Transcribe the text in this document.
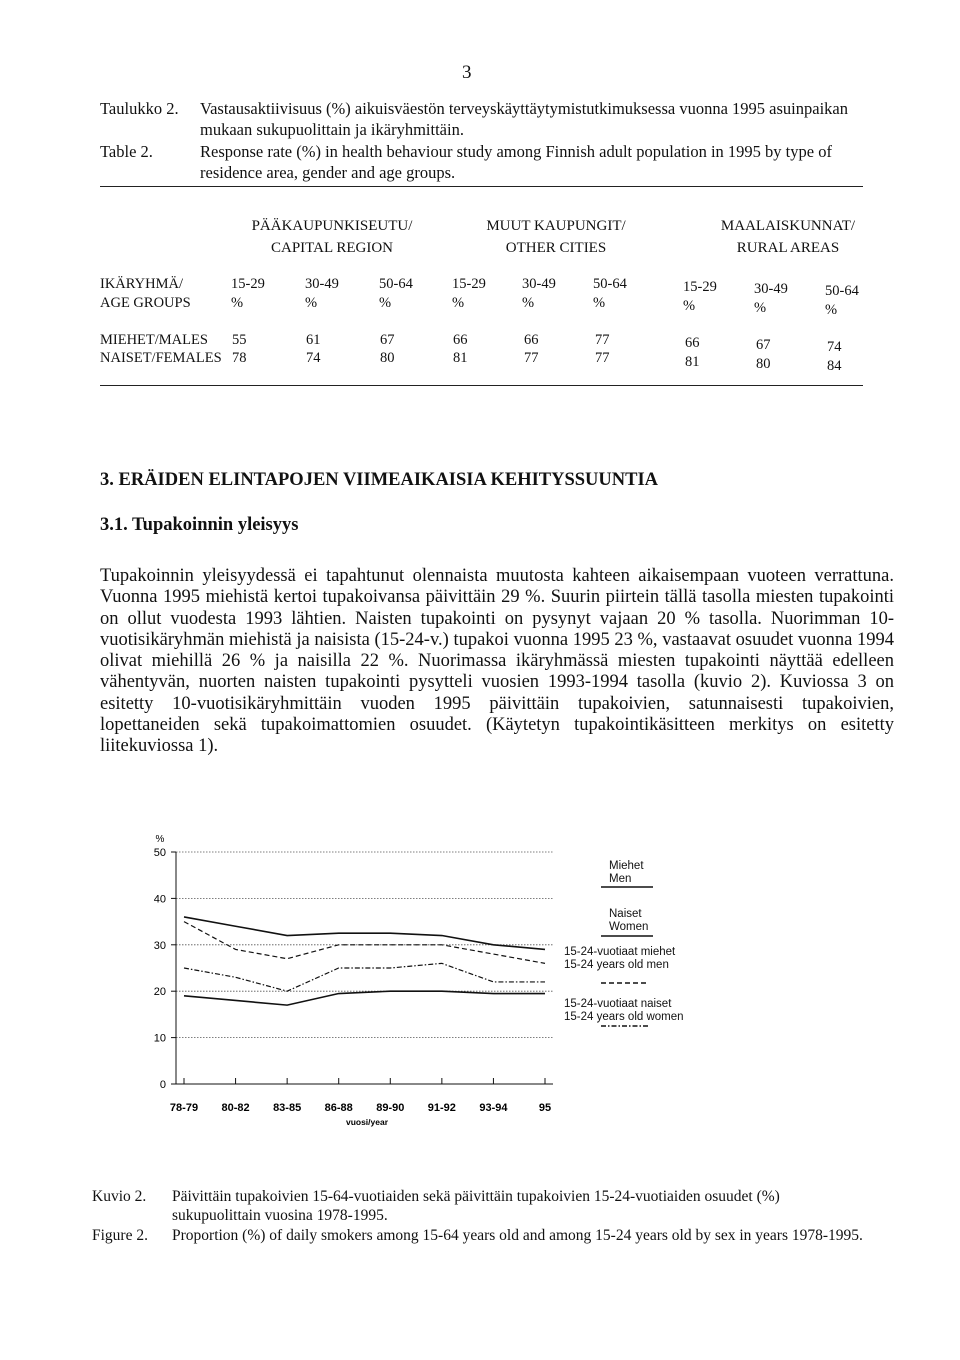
3
Taulukko 2.	Vastausaktiivisuus (%) aikuisväestön terveyskäyttäytymistutkimuksessa vuonna 1995 asuinpaikan mukaan sukupuolittain ja ikäryhmittäin.
Table 2.	Response rate (%) in health behaviour study among Finnish adult population in 1995 by type of residence area, gender and age groups.
PÄÄKAUPUNKISEUTU/
CAPITAL REGION
MUUT KAUPUNGIT/
OTHER CITIES
MAALAISKUNNAT/
RURAL AREAS
IKÄRYHMÄ/
AGE GROUPS
15-29	30-49	50-64	15-29 30-49	50-64	15-29	30-49	50-64
%	%	%	%	%	%	%	%	%
MIEHET/MALES 55	61	67	66	66	77	66	67	74
NAISET/FEMALES 78	74	80	81	77	77	81	80	84
3. ERÄIDEN ELINTAPOJEN VIIMEAIKAISIA KEHITYSSUUNTIA
3.1. Tupakoinnin yleisyys
Tupakoinnin yleisyydessä ei tapahtunut olennaista muutosta kahteen aikaisempaan vuoteen verrattuna. Vuonna 1995 miehistä kertoi tupakoivansa päivittäin 29 %. Suurin piirtein tällä tasolla miesten tupakointi on ollut vuodesta 1993 lähtien. Naisten tupakointi on pysynyt vajaan 20 % tasolla. Nuorimman 10-vuotisikäryhmän miehistä ja naisista (15-24-v.) tupakoi vuonna 1995 23 %, vastaavat osuudet vuonna 1994 olivat miehillä 26 % ja naisilla 22 %. Nuorimassa ikäryhmässä miesten tupakointi näyttää edelleen vähentyvän, nuorten naisten tupakointi pysytteli vuosien 1993-1994 tasolla (kuvio 2). Kuviossa 3 on esitetty 10-vuotisikäryhmittäin vuoden 1995 päivittäin tupakoivien, satunnaisesti tupakoivien, lopettaneiden sekä tupakoimattomien osuudet. (Käytetyn tupakointikäsitteen merkitys on esitetty liitekuviossa 1).
0
10
20
30
40
50
%
78-79 80-82 83-85 86-88 89-90 91-92 93-94	95
vuosi/year
Miehet
Men
Naiset
Women
15-24-vuotiaat miehet
15-24 years old men
15-24-vuotiaat naiset
15-24 years old women
Kuvio 2.	Päivittäin tupakoivien 15-64-vuotiaiden sekä päivittäin tupakoivien 15-24-vuotiaiden osuudet (%) sukupuolittain vuosina 1978-1995.
Figure 2.	Proportion (%) of daily smokers among 15-64 years old and among 15-24 years old by sex in years 1978-1995.
